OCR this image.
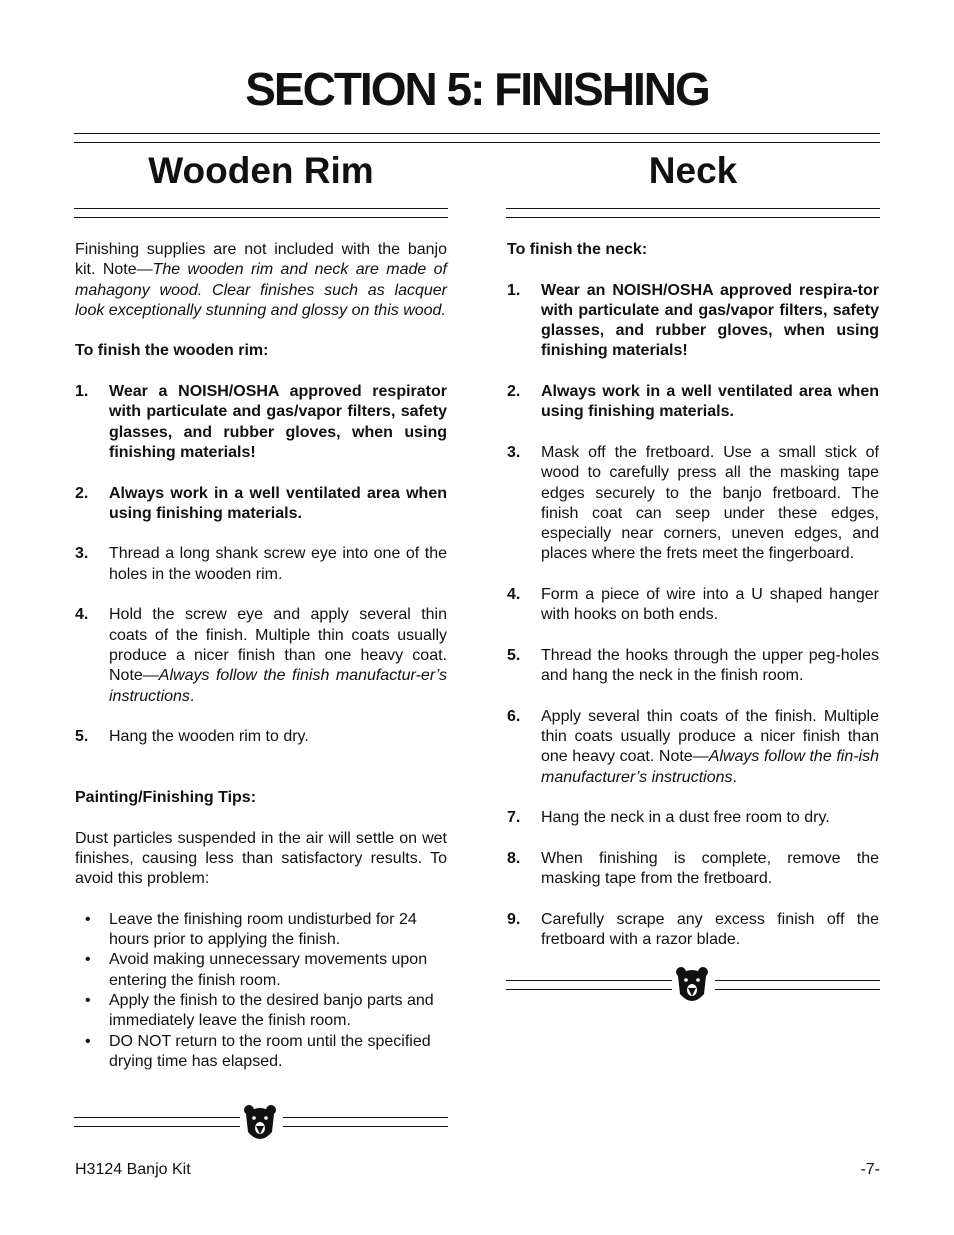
SECTION 5: FINISHING
Wooden Rim

Finishing supplies are not included with the banjo kit. Note—The wooden rim and neck are made of mahagony wood. Clear finishes such as lacquer look exceptionally stunning and glossy on this wood.

To finish the wooden rim:
1.	Wear a NOISH/OSHA approved respirator with particulate and gas/vapor filters, safety glasses, and rubber gloves, when using finishing materials!
2.	Always work in a well ventilated area when using finishing materials.
3.	Thread a long shank screw eye into one of the holes in the wooden rim.
4.	Hold the screw eye and apply several thin coats of the finish. Multiple thin coats usually produce a nicer finish than one heavy coat. Note—Always follow the finish manufactur-er’s instructions.
5.	Hang the wooden rim to dry.
Painting/Finishing Tips:

Dust particles suspended in the air will settle on wet finishes, causing less than satisfactory results. To avoid this problem:

•	Leave the finishing room undisturbed for 24 hours prior to applying the finish.
•	Avoid making unnecessary movements upon entering the finish room.
•	Apply the finish to the desired banjo parts and immediately leave the finish room.
•	DO NOT return to the room until the specified drying time has elapsed.
Neck
To finish the neck:
1.	Wear an NOISH/OSHA approved respira-tor with particulate and gas/vapor filters, safety glasses, and rubber gloves, when using finishing materials!
2.	Always work in a well ventilated area when using finishing materials.
3.	Mask off the fretboard. Use a small stick of wood to carefully press all the masking tape edges securely to the banjo fretboard. The finish coat can seep under these edges, especially near corners, uneven edges, and places where the frets meet the fingerboard.
4.	Form a piece of wire into a U shaped hanger with hooks on both ends.
5.	Thread the hooks through the upper peg-holes and hang the neck in the finish room.
6.	Apply several thin coats of the finish. Multiple thin coats usually produce a nicer finish than one heavy coat. Note—Always follow the fin-ish manufacturer’s instructions.
7.	Hang the neck in a dust free room to dry.
8.	When finishing is complete, remove the masking tape from the fretboard.
9.	Carefully scrape any excess finish off the fretboard with a razor blade.
H3124 Banjo Kit	-7-
